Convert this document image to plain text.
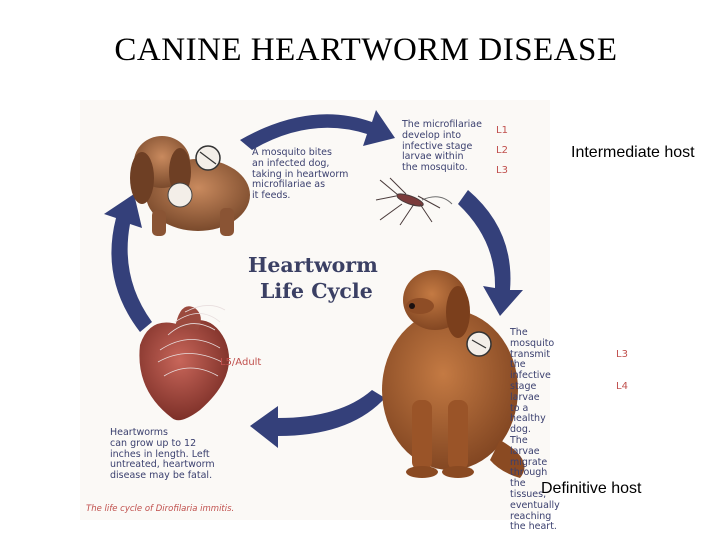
CANINE HEARTWORM DISEASE
A mosquito bites
an infected dog,
taking in heartworm
microfilariae as
it feeds.
The microfilariae
develop into
infective stage
larvae within
the mosquito.
The mosquito
transmit the
infective stage larvae
to a healthy dog.
The larvae migrate
through the tissues,
eventually reaching
the heart.
Heartworms
can grow up to 12
inches in length. Left
untreated, heartworm
disease may be fatal.
L1
L2
L3
L3
L4
L5/Adult
Heartworm
Life Cycle
The life cycle of Dirofilaria immitis.
Intermediate host
Definitive host
